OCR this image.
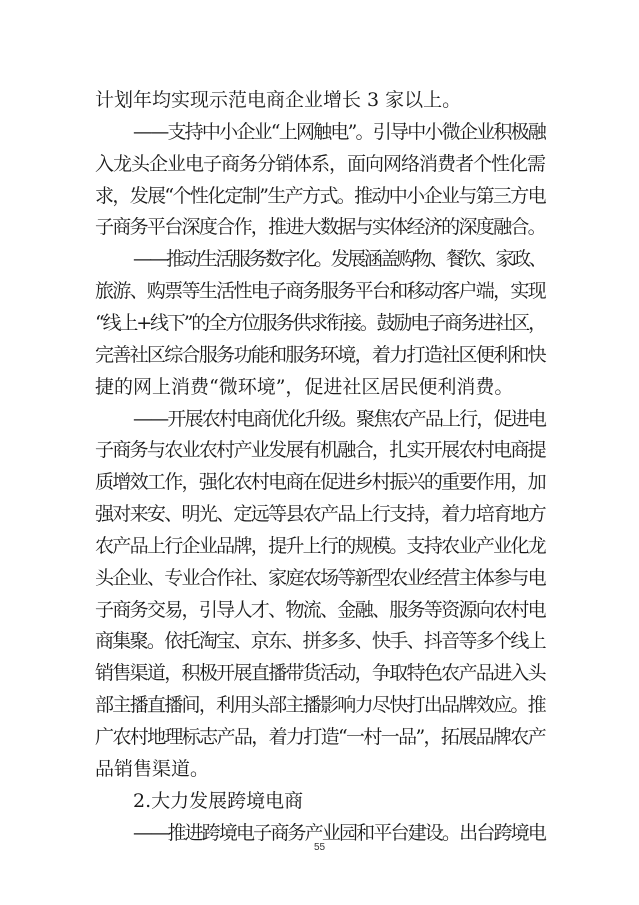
计划年均实现示范电商企业增长 3 家以上。
——支持中小企业“上网触电”。引导中小微企业积极融
入龙头企业电子商务分销体系，面向网络消费者个性化需
求，发展“个性化定制”生产方式。推动中小企业与第三方电
子商务平台深度合作，推进大数据与实体经济的深度融合。
——推动生活服务数字化。发展涵盖购物、餐饮、家政、
旅游、购票等生活性电子商务服务平台和移动客户端，实现
“线上+线下”的全方位服务供求衔接。鼓励电子商务进社区，
完善社区综合服务功能和服务环境，着力打造社区便利和快
捷的网上消费“微环境”，促进社区居民便利消费。
——开展农村电商优化升级。聚焦农产品上行，促进电
子商务与农业农村产业发展有机融合，扎实开展农村电商提
质增效工作，强化农村电商在促进乡村振兴的重要作用，加
强对来安、明光、定远等县农产品上行支持，着力培育地方
农产品上行企业品牌，提升上行的规模。支持农业产业化龙
头企业、专业合作社、家庭农场等新型农业经营主体参与电
子商务交易，引导人才、物流、金融、服务等资源向农村电
商集聚。依托淘宝、京东、拼多多、快手、抖音等多个线上
销售渠道，积极开展直播带货活动，争取特色农产品进入头
部主播直播间，利用头部主播影响力尽快打出品牌效应。推
广农村地理标志产品，着力打造“一村一品”，拓展品牌农产
品销售渠道。
2.大力发展跨境电商
——推进跨境电子商务产业园和平台建设。出台跨境电
55
